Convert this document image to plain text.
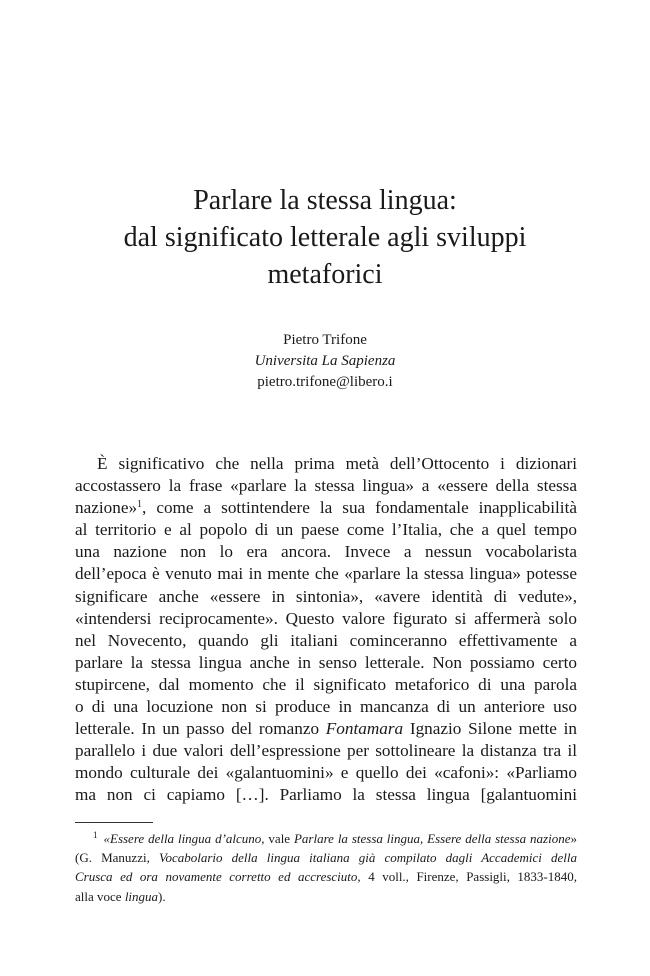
Parlare la stessa lingua:
dal significato letterale agli sviluppi
metaforici
Pietro Trifone
Universita La Sapienza
pietro.trifone@libero.i
È significativo che nella prima metà dell’Ottocento i dizionari
accostassero la frase «parlare la stessa lingua» a «essere della stessa
nazione»$^1$, come a sottintendere la sua fondamentale inapplicabilità
al territorio e al popolo di un paese come l’Italia, che a quel tempo
una nazione non lo era ancora. Invece a nessun vocabolarista
dell’epoca è venuto mai in mente che «parlare la stessa lingua» potesse
significare anche «essere in sintonia», «avere identità di vedute»,
«intendersi reciprocamente». Questo valore figurato si affermerà solo
nel Novecento, quando gli italiani cominceranno effettivamente a
parlare la stessa lingua anche in senso letterale. Non possiamo certo
stupircene, dal momento che il significato metaforico di una parola
o di una locuzione non si produce in mancanza di un anteriore uso
letterale. In un passo del romanzo Fontamara Ignazio Silone mette in
parallelo i due valori dell’espressione per sottolineare la distanza tra il
mondo culturale dei «galantuomini» e quello dei «cafoni»: «Parliamo
ma non ci capiamo […]. Parliamo la stessa lingua [galantuomini
$^1$ «Essere della lingua d’alcuno, vale Parlare la stessa lingua, Essere della stessa nazione»
(G. Manuzzi, Vocabolario della lingua italiana già compilato dagli Accademici della
Crusca ed ora novamente corretto ed accresciuto, 4 voll., Firenze, Passigli, 1833-1840,
alla voce lingua).
